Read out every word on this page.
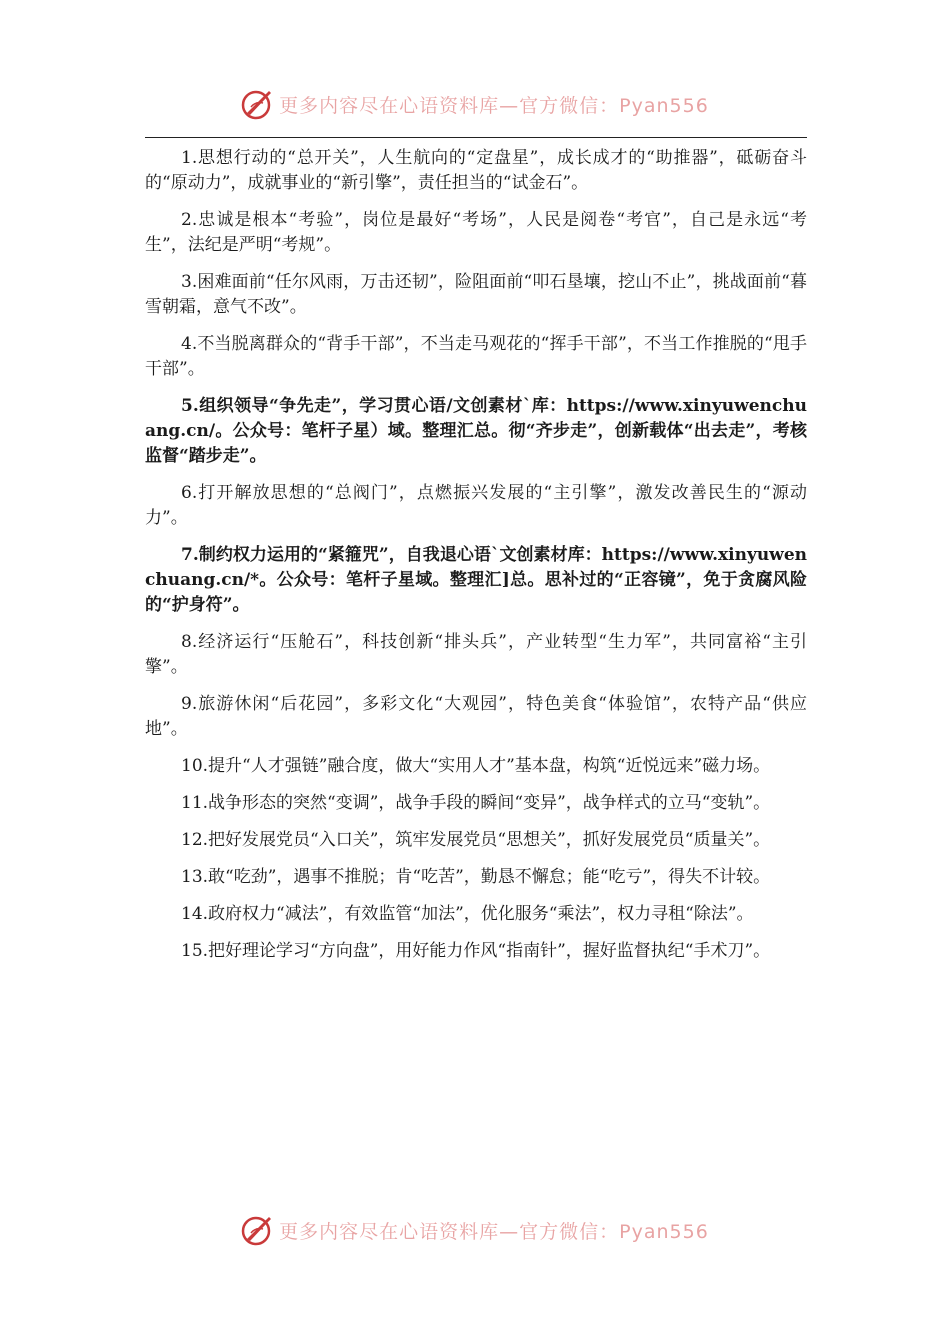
更多内容尽在心语资料库—官方微信：Pyan556

1.思想行动的“总开关”，人生航向的“定盘星”，成长成才的“助推器”，砥砺奋斗的“原动力”，成就事业的“新引擎”，责任担当的“试金石”。

2.忠诚是根本“考验”，岗位是最好“考场”，人民是阅卷“考官”，自己是永远“考生”，法纪是严明“考规”。

3.困难面前“任尔风雨，万击还韧”，险阻面前“叩石垦壤，挖山不止”，挑战面前“暮雪朝霜，意气不改”。

4.不当脱离群众的“背手干部”，不当走马观花的“挥手干部”，不当工作推脱的“甩手干部”。

5.组织领导“争先走”，学习贯心语/文创素材`库：https://www.xinyuwenchuang.cn/。公众号：笔杆子星）域。整理汇总。彻“齐步走”，创新载体“出去走”，考核监督“踏步走”。

6.打开解放思想的“总阀门”，点燃振兴发展的“主引擎”，激发改善民生的“源动力”。

7.制约权力运用的“紧箍咒”，自我退心语`文创素材库：https://www.xinyuwenchuang.cn/*。公众号：笔杆子星域。整理汇]总。思补过的“正容镜”，免于贪腐风险的“护身符”。

8.经济运行“压舱石”，科技创新“排头兵”，产业转型“生力军”，共同富裕“主引擎”。

9.旅游休闲“后花园”，多彩文化“大观园”，特色美食“体验馆”，农特产品“供应地”。

10.提升“人才强链”融合度，做大“实用人才”基本盘，构筑“近悦远来”磁力场。

11.战争形态的突然“变调”，战争手段的瞬间“变异”，战争样式的立马“变轨”。

12.把好发展党员“入口关”，筑牢发展党员“思想关”，抓好发展党员“质量关”。

13.敢“吃劲”，遇事不推脱；肯“吃苦”，勤恳不懈怠；能“吃亏”，得失不计较。

14.政府权力“减法”，有效监管“加法”，优化服务“乘法”，权力寻租“除法”。

15.把好理论学习“方向盘”，用好能力作风“指南针”，握好监督执纪“手术刀”。

更多内容尽在心语资料库—官方微信：Pyan556
